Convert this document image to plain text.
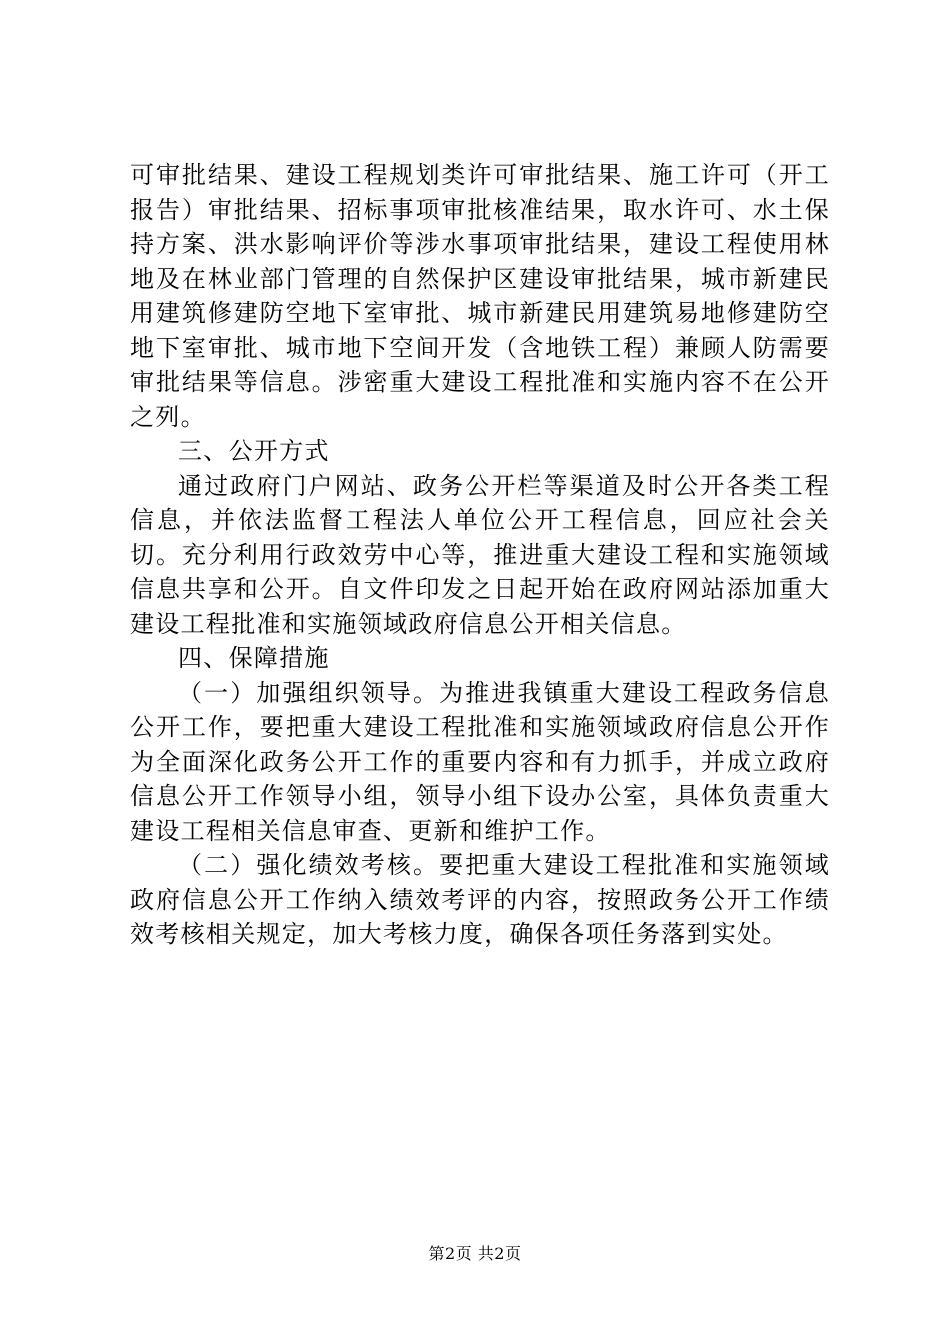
可审批结果、建设工程规划类许可审批结果、施工许可（开工报告）审批结果、招标事项审批核准结果，取水许可、水土保持方案、洪水影响评价等涉水事项审批结果，建设工程使用林地及在林业部门管理的自然保护区建设审批结果，城市新建民用建筑修建防空地下室审批、城市新建民用建筑易地修建防空地下室审批、城市地下空间开发（含地铁工程）兼顾人防需要审批结果等信息。涉密重大建设工程批准和实施内容不在公开之列。

三、公开方式

通过政府门户网站、政务公开栏等渠道及时公开各类工程信息，并依法监督工程法人单位公开工程信息，回应社会关切。充分利用行政效劳中心等，推进重大建设工程和实施领域信息共享和公开。自文件印发之日起开始在政府网站添加重大建设工程批准和实施领域政府信息公开相关信息。

四、保障措施

（一）加强组织领导。为推进我镇重大建设工程政务信息公开工作，要把重大建设工程批准和实施领域政府信息公开作为全面深化政务公开工作的重要内容和有力抓手，并成立政府信息公开工作领导小组，领导小组下设办公室，具体负责重大建设工程相关信息审查、更新和维护工作。

（二）强化绩效考核。要把重大建设工程批准和实施领域政府信息公开工作纳入绩效考评的内容，按照政务公开工作绩效考核相关规定，加大考核力度，确保各项任务落到实处。

第2页 共2页
